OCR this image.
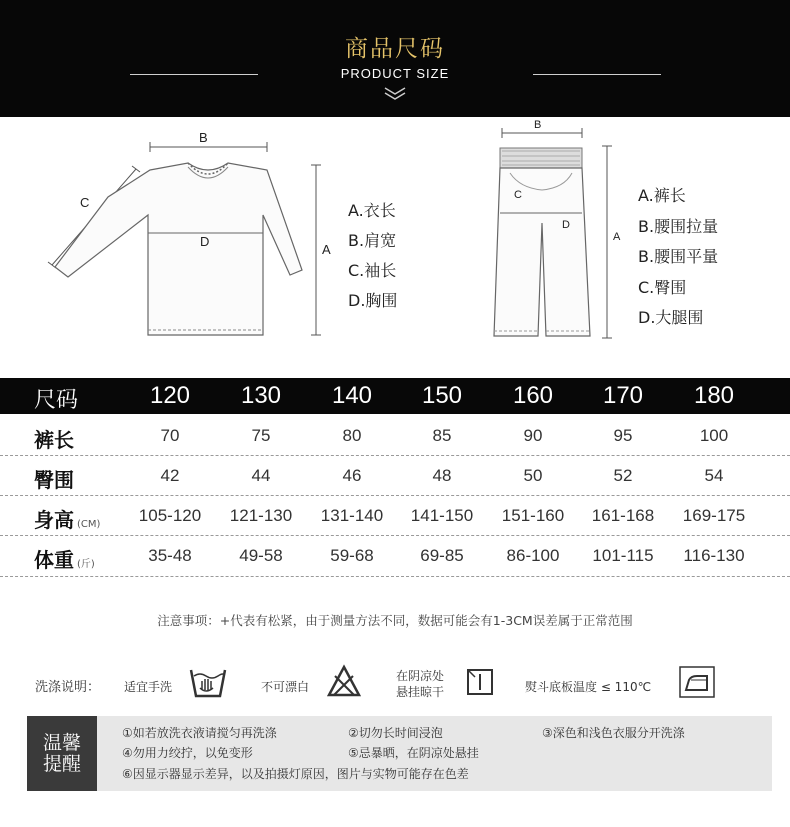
商品尺码
PRODUCT SIZE
B
C
D
A
A.衣长
B.肩宽
C.袖长
D.胸围
B
C
D
A
A.裤长
B.腰围拉量
B.腰围平量
C.臀围
D.大腿围
尺码	120	130	140	150	160	170	180
裤长	70	75	80	85	90	95	100
臀围	42	44	46	48	50	52	54
身高 (CM)	105-120	121-130	131-140	141-150	151-160	161-168	169-175
体重 (斤)	35-48	49-58	59-68	69-85	86-100	101-115	116-130
注意事项：+代表有松紧，由于测量方法不同，数据可能会有1-3CM误差属于正常范围
洗涤说明： 适宜手洗	不可漂白
在阴凉处
悬挂晾干	熨斗底板温度 ≤ 110℃
温馨
提醒
①如若放洗衣液请搅匀再洗涤	②切勿长时间浸泡	③深色和浅色衣服分开洗涤
④勿用力绞拧，以免变形	⑤忌暴晒，在阴凉处悬挂
⑥因显示器显示差异，以及拍摄灯原因，图片与实物可能存在色差
